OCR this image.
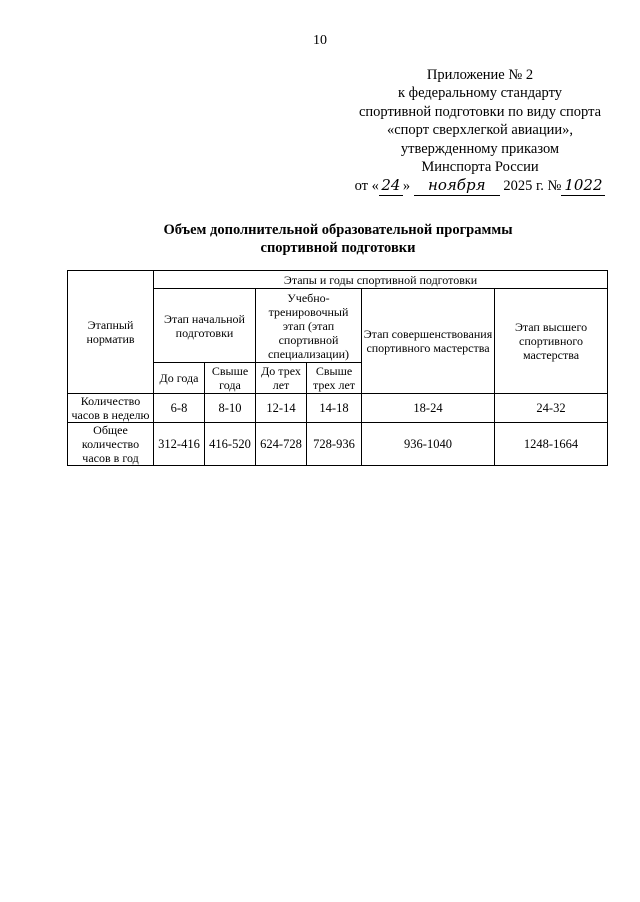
10
Приложение № 2
к федеральному стандарту
спортивной подготовки по виду спорта
«спорт сверхлегкой авиации»,
утвержденному приказом
Минспорта России
от « 24 » ноября 2025 г. № 1022
Объем дополнительной образовательной программы
спортивной подготовки
Этапный норматив	Этапы и годы спортивной подготовки					
	Этап начальной подготовки		Учебно-тренировочный этап (этап спортивной специализации)		Этап совершенствования спортивного мастерства	Этап высшего спортивного мастерства
	До года	Свыше года	До трех лет	Свыше трех лет		
Количество часов в неделю	6-8	8-10	12-14	14-18	18-24	24-32
Общее количество часов в год	312-416	416-520	624-728	728-936	936-1040	1248-1664
